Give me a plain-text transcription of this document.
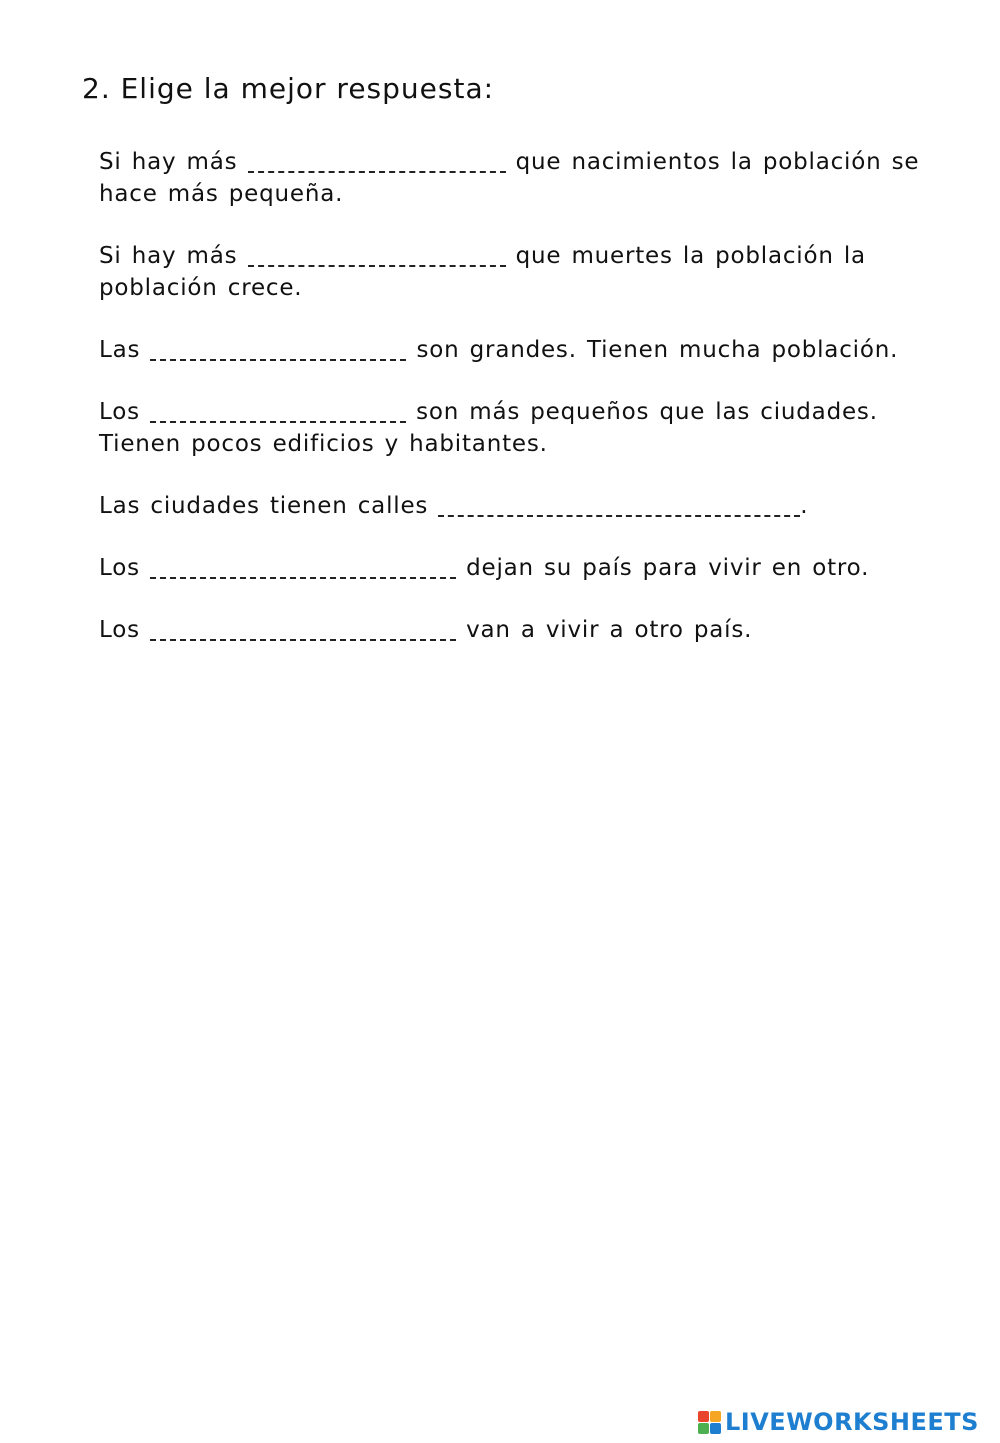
2. Elige la mejor respuesta:

Si hay más	que nacimientos la población se hace más pequeña.

Si hay más	que muertes la población la población crece.

Las	son grandes. Tienen mucha población.

Los	son más pequeños que las ciudades. Tienen pocos edificios y habitantes.

Las ciudades tienen calles	.

Los	dejan su país para vivir en otro.

Los	van a vivir a otro país.

LIVEWORKSHEETS
